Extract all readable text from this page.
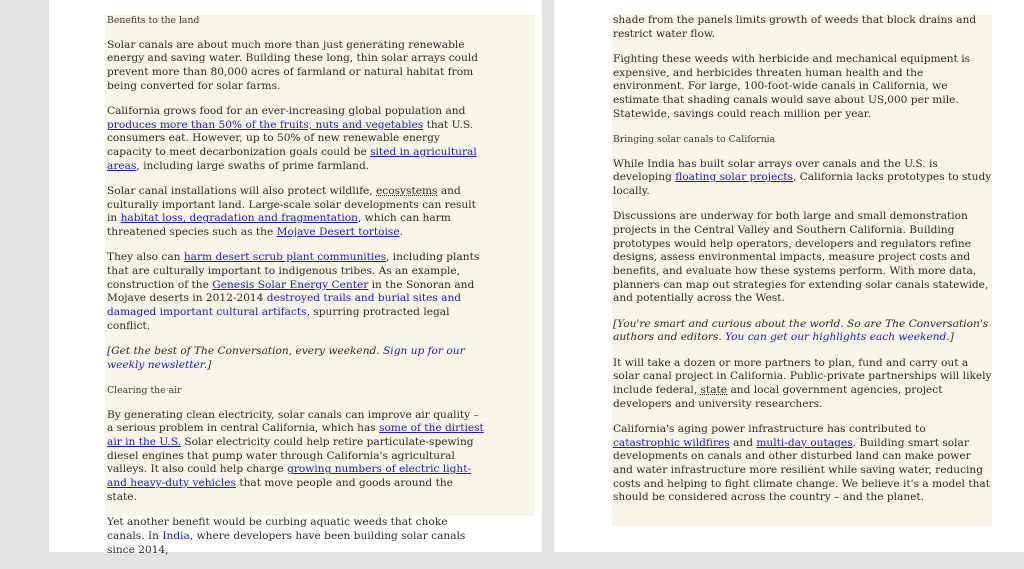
Benefits to the land

Solar canals are about much more than just generating renewable energy and saving water. Building these long, thin solar arrays could prevent more than 80,000 acres of farmland or natural habitat from being converted for solar farms.

California grows food for an ever-increasing global population and produces more than 50% of the fruits, nuts and vegetables that U.S. consumers eat. However, up to 50% of new renewable energy capacity to meet decarbonization goals could be sited in agricultural areas, including large swaths of prime farmland.

Solar canal installations will also protect wildlife, ecosystems and culturally important land. Large-scale solar developments can result in habitat loss, degradation and fragmentation, which can harm threatened species such as the Mojave Desert tortoise.

They also can harm desert scrub plant communities, including plants that are culturally important to indigenous tribes. As an example, construction of the Genesis Solar Energy Center in the Sonoran and Mojave deserts in 2012-2014 destroyed trails and burial sites and damaged important cultural artifacts, spurring protracted legal conflict.

[Get the best of The Conversation, every weekend. Sign up for our weekly newsletter.]

Clearing the air

By generating clean electricity, solar canals can improve air quality – a serious problem in central California, which has some of the dirtiest air in the U.S. Solar electricity could help retire particulate-spewing diesel engines that pump water through California's agricultural valleys. It also could help charge growing numbers of electric light- and heavy-duty vehicles that move people and goods around the state.

Yet another benefit would be curbing aquatic weeds that choke canals. In India, where developers have been building solar canals since 2014,

shade from the panels limits growth of weeds that block drains and restrict water flow.

Fighting these weeds with herbicide and mechanical equipment is expensive, and herbicides threaten human health and the environment. For large, 100-foot-wide canals in California, we estimate that shading canals would save about US,000 per mile. Statewide, savings could reach million per year.

Bringing solar canals to California

While India has built solar arrays over canals and the U.S. is developing floating solar projects, California lacks prototypes to study locally.

Discussions are underway for both large and small demonstration projects in the Central Valley and Southern California. Building prototypes would help operators, developers and regulators refine designs, assess environmental impacts, measure project costs and benefits, and evaluate how these systems perform. With more data, planners can map out strategies for extending solar canals statewide, and potentially across the West.

[You're smart and curious about the world. So are The Conversation's authors and editors. You can get our highlights each weekend.]

It will take a dozen or more partners to plan, fund and carry out a solar canal project in California. Public-private partnerships will likely include federal, state and local government agencies, project developers and university researchers.

California's aging power infrastructure has contributed to catastrophic wildfires and multi-day outages. Building smart solar developments on canals and other disturbed land can make power and water infrastructure more resilient while saving water, reducing costs and helping to fight climate change. We believe it's a model that should be considered across the country – and the planet.
